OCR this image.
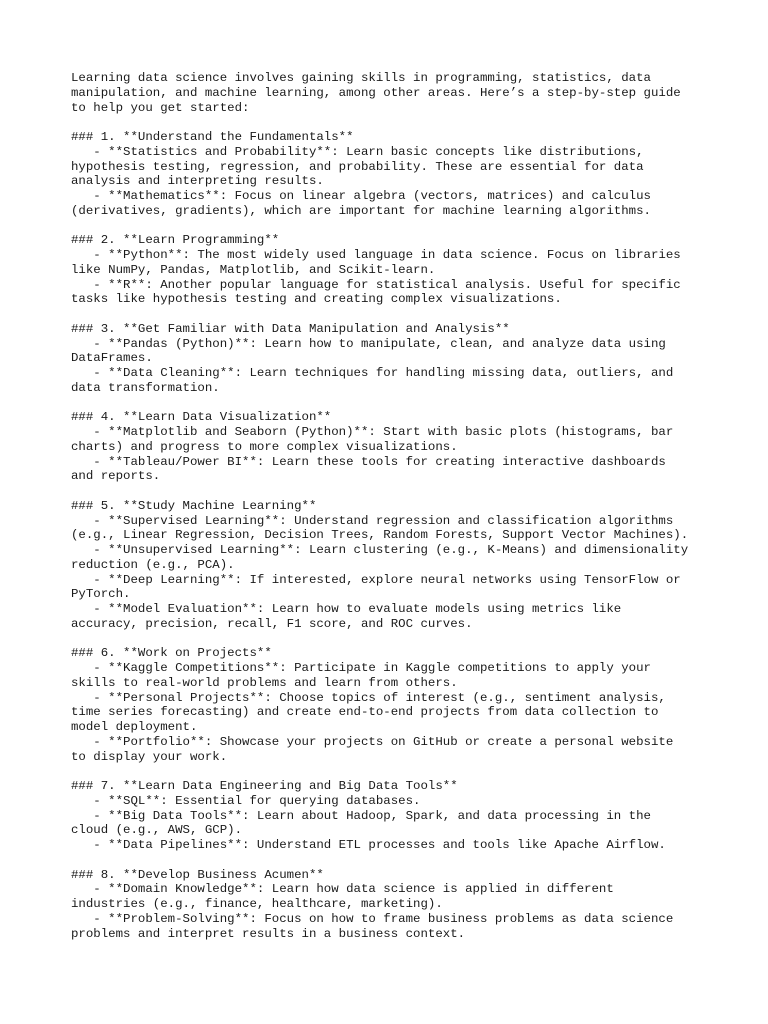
Learning data science involves gaining skills in programming, statistics, data
manipulation, and machine learning, among other areas. Here’s a step-by-step guide
to help you get started:
### 1. **Understand the Fundamentals**
- **Statistics and Probability**: Learn basic concepts like distributions,
hypothesis testing, regression, and probability. These are essential for data
analysis and interpreting results.
- **Mathematics**: Focus on linear algebra (vectors, matrices) and calculus
(derivatives, gradients), which are important for machine learning algorithms.
### 2. **Learn Programming**
- **Python**: The most widely used language in data science. Focus on libraries
like NumPy, Pandas, Matplotlib, and Scikit-learn.
- **R**: Another popular language for statistical analysis. Useful for specific
tasks like hypothesis testing and creating complex visualizations.
### 3. **Get Familiar with Data Manipulation and Analysis**
- **Pandas (Python)**: Learn how to manipulate, clean, and analyze data using
DataFrames.
- **Data Cleaning**: Learn techniques for handling missing data, outliers, and
data transformation.
### 4. **Learn Data Visualization**
- **Matplotlib and Seaborn (Python)**: Start with basic plots (histograms, bar
charts) and progress to more complex visualizations.
- **Tableau/Power BI**: Learn these tools for creating interactive dashboards
and reports.
### 5. **Study Machine Learning**
- **Supervised Learning**: Understand regression and classification algorithms
(e.g., Linear Regression, Decision Trees, Random Forests, Support Vector Machines).
- **Unsupervised Learning**: Learn clustering (e.g., K-Means) and dimensionality
reduction (e.g., PCA).
- **Deep Learning**: If interested, explore neural networks using TensorFlow or
PyTorch.
- **Model Evaluation**: Learn how to evaluate models using metrics like
accuracy, precision, recall, F1 score, and ROC curves.
### 6. **Work on Projects**
- **Kaggle Competitions**: Participate in Kaggle competitions to apply your
skills to real-world problems and learn from others.
- **Personal Projects**: Choose topics of interest (e.g., sentiment analysis,
time series forecasting) and create end-to-end projects from data collection to
model deployment.
- **Portfolio**: Showcase your projects on GitHub or create a personal website
to display your work.
### 7. **Learn Data Engineering and Big Data Tools**
- **SQL**: Essential for querying databases.
- **Big Data Tools**: Learn about Hadoop, Spark, and data processing in the
cloud (e.g., AWS, GCP).
- **Data Pipelines**: Understand ETL processes and tools like Apache Airflow.
### 8. **Develop Business Acumen**
- **Domain Knowledge**: Learn how data science is applied in different
industries (e.g., finance, healthcare, marketing).
- **Problem-Solving**: Focus on how to frame business problems as data science
problems and interpret results in a business context.
